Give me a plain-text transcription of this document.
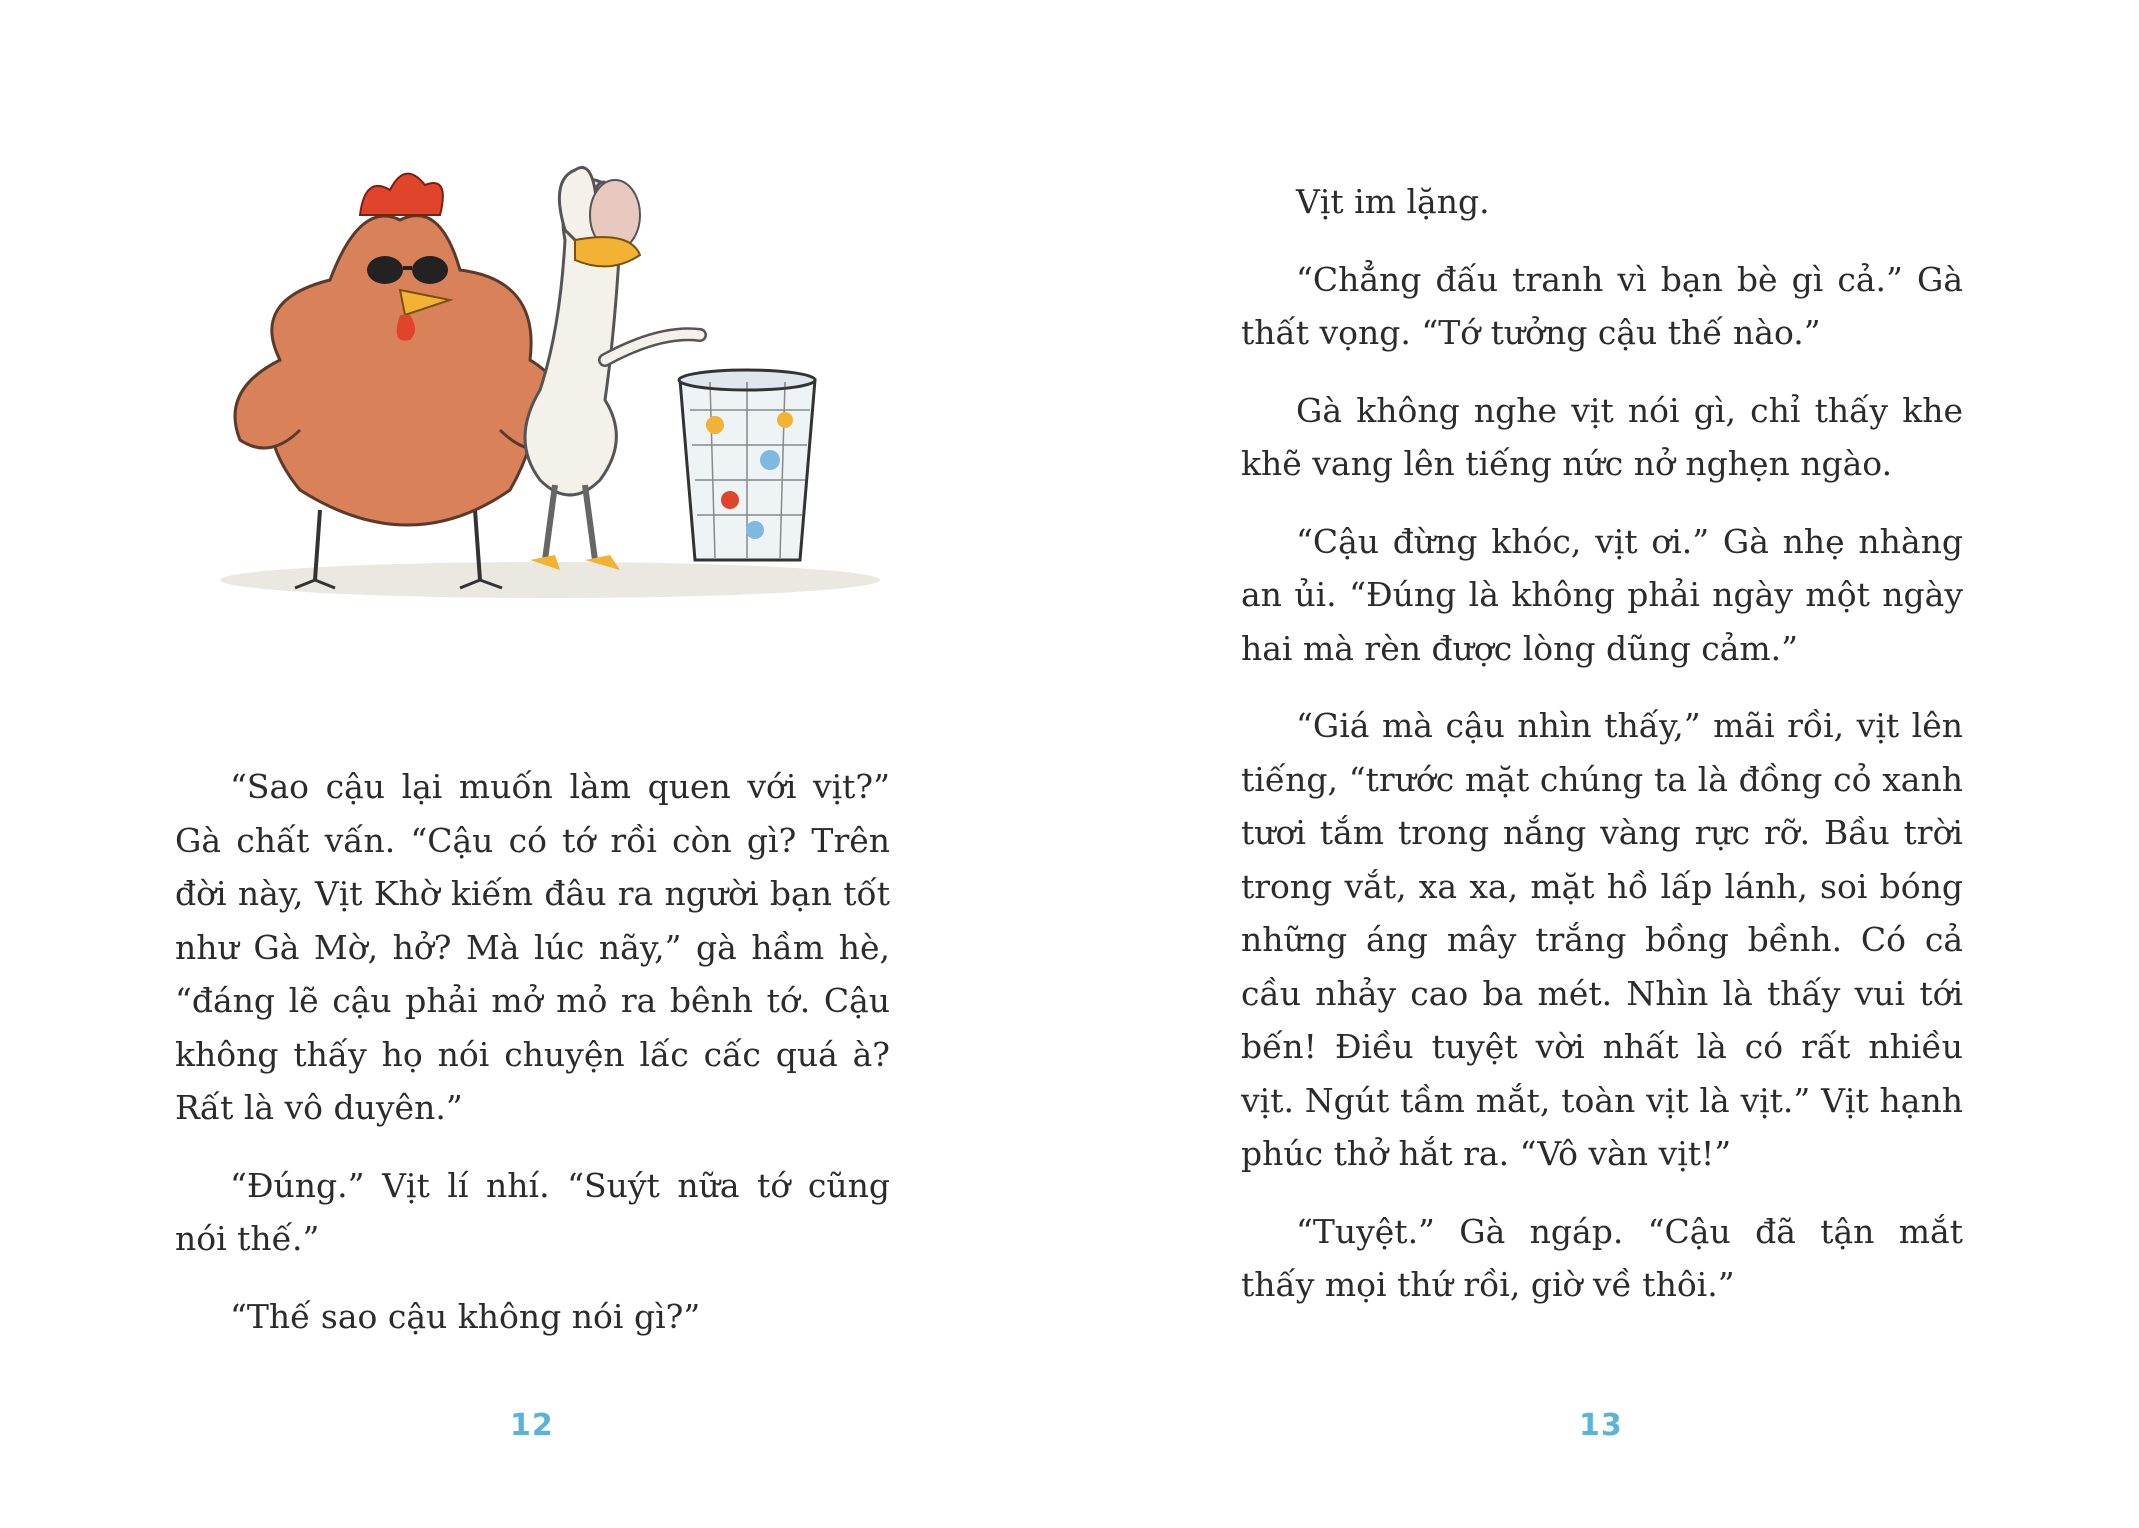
“Sao cậu lại muốn làm quen với vịt?” Gà chất vấn. “Cậu có tớ rồi còn gì? Trên đời này, Vịt Khờ kiếm đâu ra người bạn tốt như Gà Mờ, hở? Mà lúc nãy,” gà hầm hè, “đáng lẽ cậu phải mở mỏ ra bênh tớ. Cậu không thấy họ nói chuyện lấc cấc quá à? Rất là vô duyên.”

“Đúng.” Vịt lí nhí. “Suýt nữa tớ cũng nói thế.”

“Thế sao cậu không nói gì?”

12

Vịt im lặng.

“Chẳng đấu tranh vì bạn bè gì cả.” Gà thất vọng. “Tớ tưởng cậu thế nào.”

Gà không nghe vịt nói gì, chỉ thấy khe khẽ vang lên tiếng nức nở nghẹn ngào.

“Cậu đừng khóc, vịt ơi.” Gà nhẹ nhàng an ủi. “Đúng là không phải ngày một ngày hai mà rèn được lòng dũng cảm.”

“Giá mà cậu nhìn thấy,” mãi rồi, vịt lên tiếng, “trước mặt chúng ta là đồng cỏ xanh tươi tắm trong nắng vàng rực rỡ. Bầu trời trong vắt, xa xa, mặt hồ lấp lánh, soi bóng những áng mây trắng bồng bềnh. Có cả cầu nhảy cao ba mét. Nhìn là thấy vui tới bến! Điều tuyệt vời nhất là có rất nhiều vịt. Ngút tầm mắt, toàn vịt là vịt.” Vịt hạnh phúc thở hắt ra. “Vô vàn vịt!”

“Tuyệt.” Gà ngáp. “Cậu đã tận mắt thấy mọi thứ rồi, giờ về thôi.”

13
